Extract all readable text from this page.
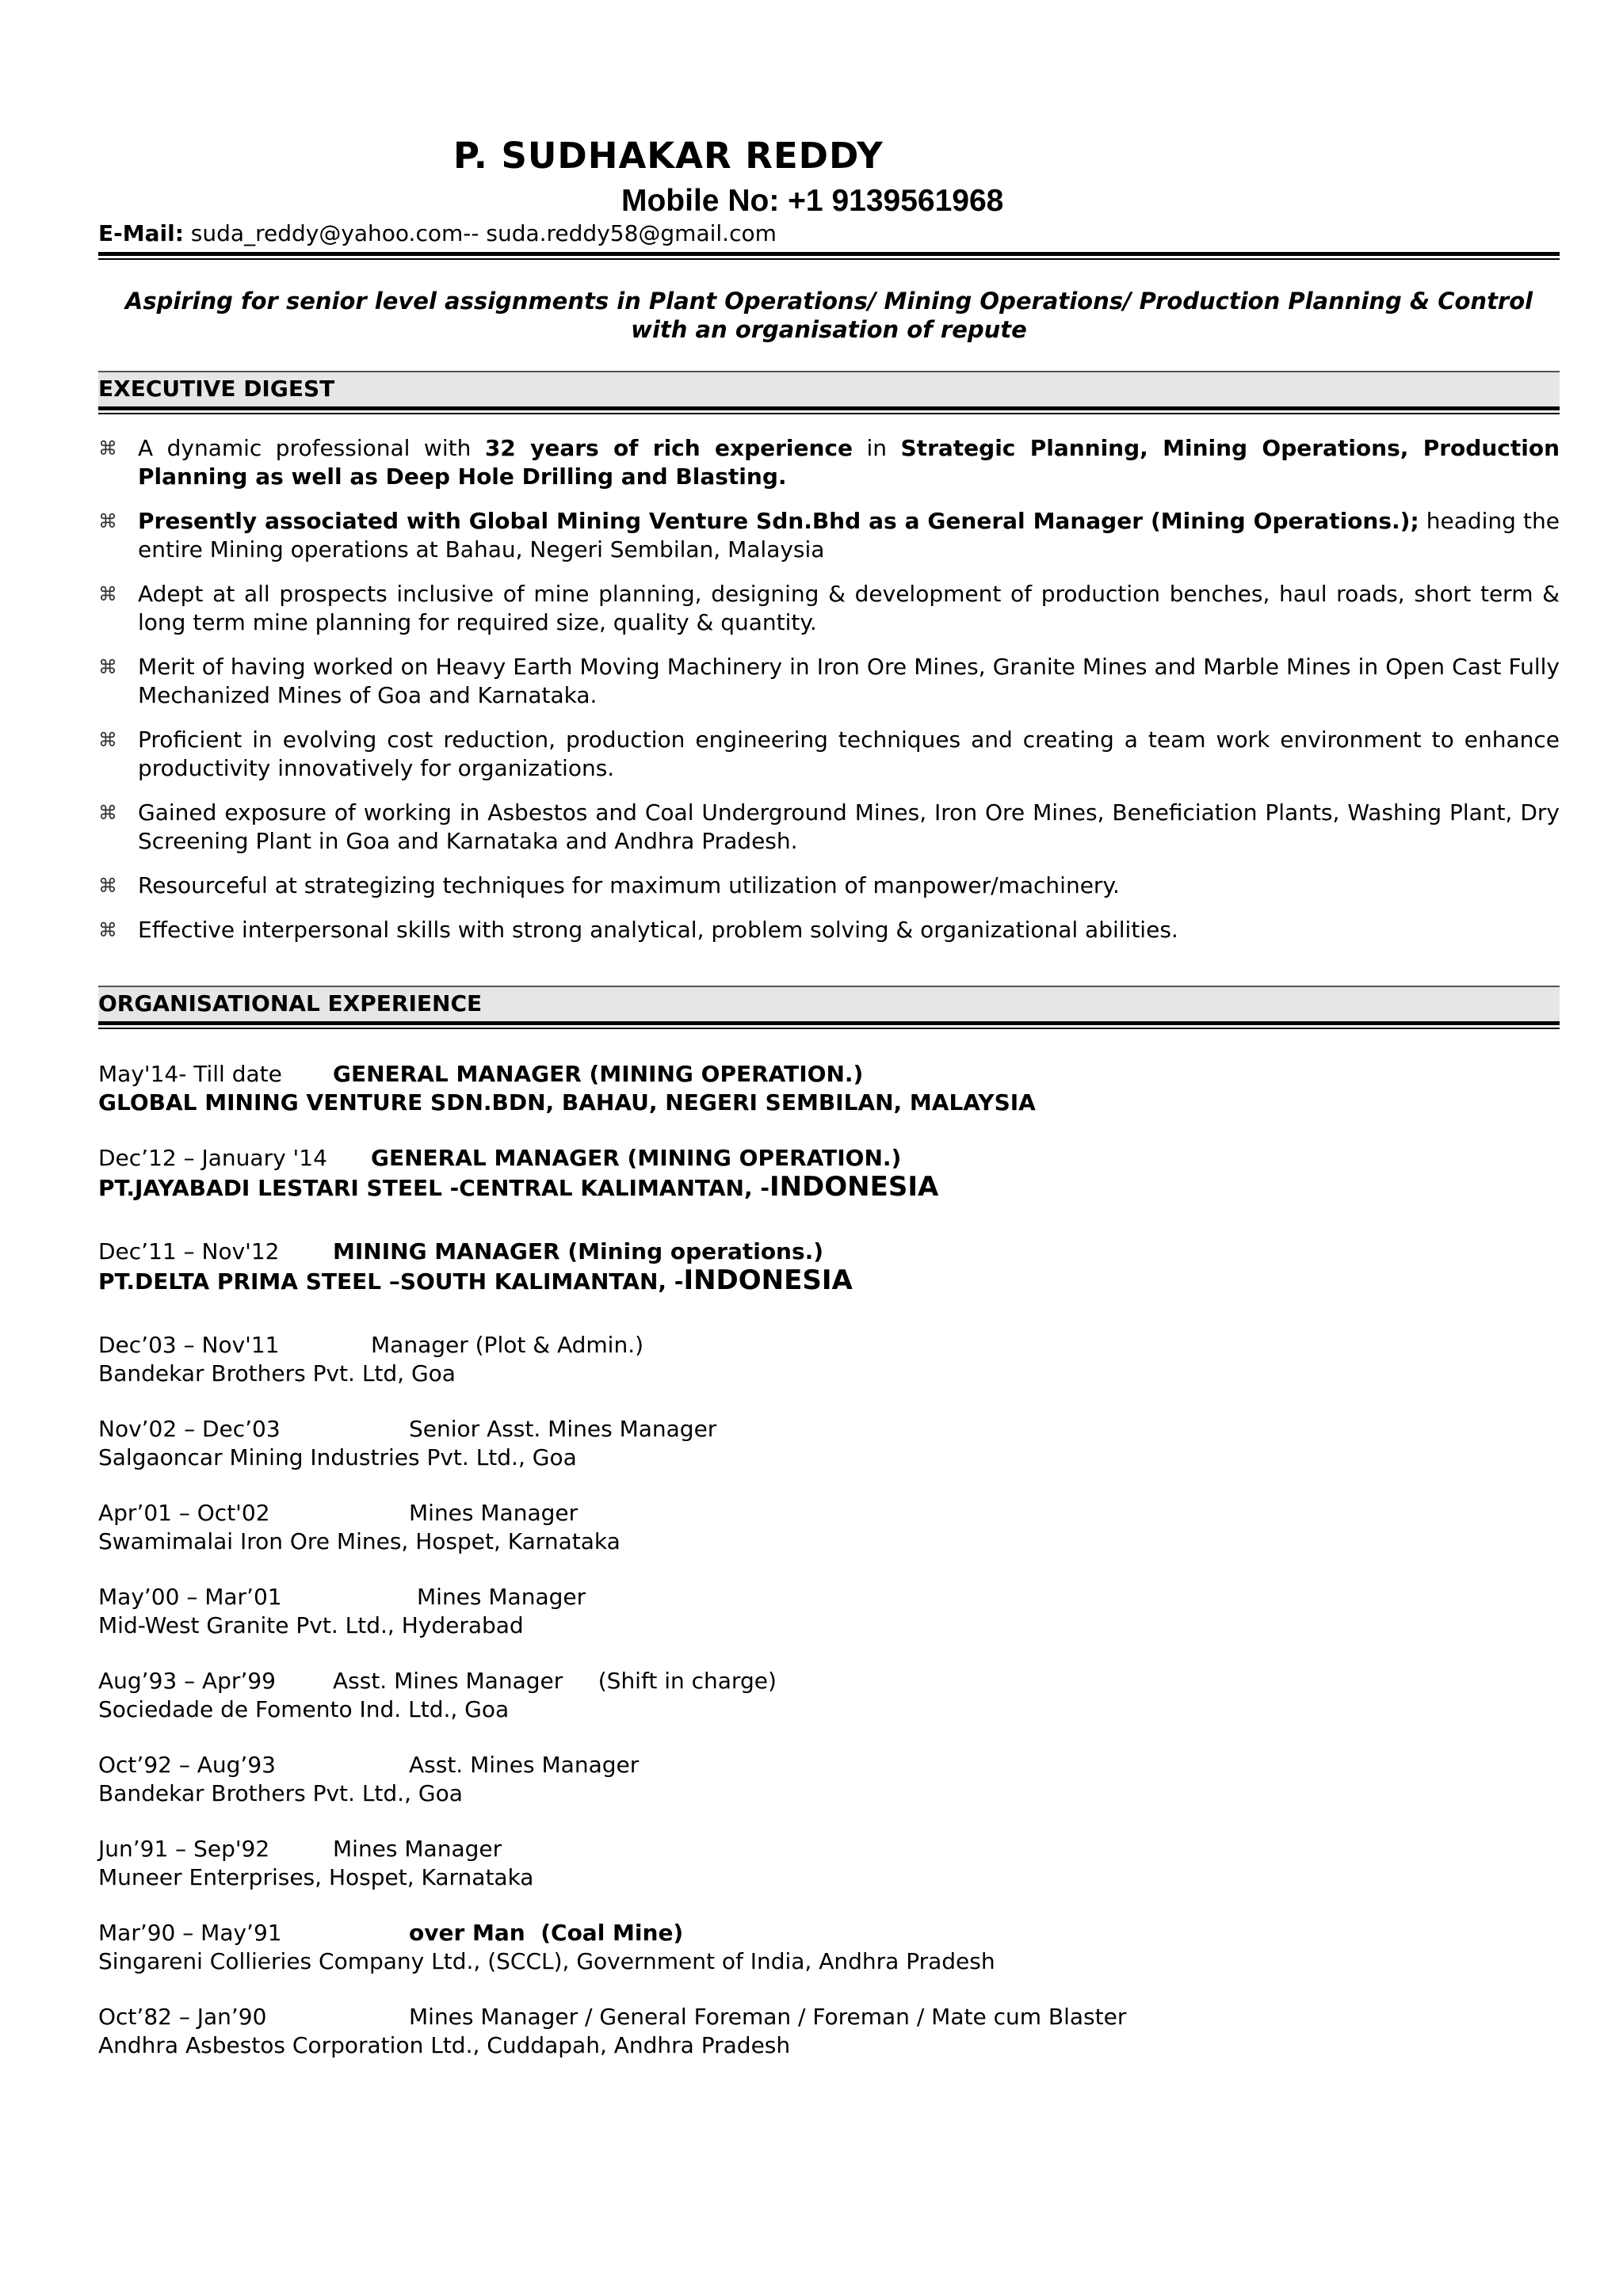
P. SUDHAKAR REDDY
Mobile No: +1 9139561968
E-Mail: suda_reddy@yahoo.com-- suda.reddy58@gmail.com
Aspiring for senior level assignments in Plant Operations/ Mining Operations/ Production Planning & Control
with an organisation of repute
EXECUTIVE DIGEST
⌘ A dynamic professional with 32 years of rich experience in Strategic Planning, Mining Operations, Production Planning as well as Deep Hole Drilling and Blasting.
⌘ Presently associated with Global Mining Venture Sdn.Bhd as a General Manager (Mining Operations.); heading the entire Mining operations at Bahau, Negeri Sembilan, Malaysia
⌘ Adept at all prospects inclusive of mine planning, designing & development of production benches, haul roads, short term & long term mine planning for required size, quality & quantity.
⌘ Merit of having worked on Heavy Earth Moving Machinery in Iron Ore Mines, Granite Mines and Marble Mines in Open Cast Fully Mechanized Mines of Goa and Karnataka.
⌘ Proficient in evolving cost reduction, production engineering techniques and creating a team work environment to enhance productivity innovatively for organizations.
⌘ Gained exposure of working in Asbestos and Coal Underground Mines, Iron Ore Mines, Beneficiation Plants, Washing Plant, Dry Screening Plant in Goa and Karnataka and Andhra Pradesh.
⌘ Resourceful at strategizing techniques for maximum utilization of manpower/machinery.
⌘ Effective interpersonal skills with strong analytical, problem solving & organizational abilities.
ORGANISATIONAL EXPERIENCE
May'14- Till date GENERAL MANAGER (MINING OPERATION.)
GLOBAL MINING VENTURE SDN.BDN, BAHAU, NEGERI SEMBILAN, MALAYSIA
Dec’12 – January '14 GENERAL MANAGER (MINING OPERATION.)
PT.JAYABADI LESTARI STEEL -CENTRAL KALIMANTAN, -INDONESIA
Dec’11 – Nov'12 MINING MANAGER (Mining operations.)
PT.DELTA PRIMA STEEL –SOUTH KALIMANTAN, -INDONESIA
Dec’03 – Nov'11	Manager (Plot & Admin.)
Bandekar Brothers Pvt. Ltd, Goa
Nov’02 – Dec’03	Senior Asst. Mines Manager
Salgaoncar Mining Industries Pvt. Ltd., Goa
Apr’01 – Oct'02	Mines Manager
Swamimalai Iron Ore Mines, Hospet, Karnataka
May’00 – Mar’01	Mines Manager
Mid-West Granite Pvt. Ltd., Hyderabad
Aug’93 – Apr’99	Asst. Mines Manager     (Shift in charge)
Sociedade de Fomento Ind. Ltd., Goa
Oct’92 – Aug’93	Asst. Mines Manager
Bandekar Brothers Pvt. Ltd., Goa
Jun’91 – Sep'92	Mines Manager
Muneer Enterprises, Hospet, Karnataka
Mar’90 – May’91	over Man  (Coal Mine)
Singareni Collieries Company Ltd., (SCCL), Government of India, Andhra Pradesh
Oct’82 – Jan’90	Mines Manager / General Foreman / Foreman / Mate cum Blaster
Andhra Asbestos Corporation Ltd., Cuddapah, Andhra Pradesh
